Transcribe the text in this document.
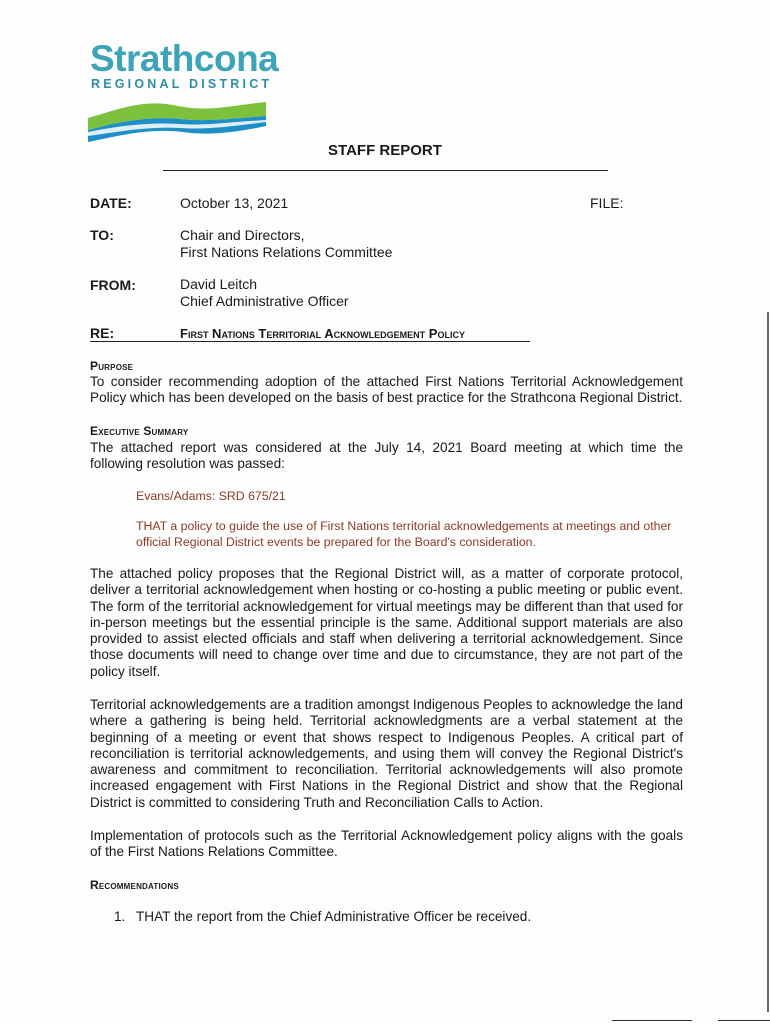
Strathcona
REGIONAL DISTRICT
STAFF REPORT
DATE:	October 13, 2021	FILE:
TO:	Chair and Directors,
First Nations Relations Committee
FROM:	David Leitch
Chief Administrative Officer
RE:	First Nations Territorial Acknowledgement Policy
Purpose
To consider recommending adoption of the attached First Nations Territorial Acknowledgement Policy which has been developed on the basis of best practice for the Strathcona Regional District.
Executive Summary
The attached report was considered at the July 14, 2021 Board meeting at which time the following resolution was passed:
Evans/Adams: SRD 675/21
THAT a policy to guide the use of First Nations territorial acknowledgements at meetings and other official Regional District events be prepared for the Board's consideration.
The attached policy proposes that the Regional District will, as a matter of corporate protocol, deliver a territorial acknowledgement when hosting or co-hosting a public meeting or public event. The form of the territorial acknowledgement for virtual meetings may be different than that used for in-person meetings but the essential principle is the same. Additional support materials are also provided to assist elected officials and staff when delivering a territorial acknowledgement. Since those documents will need to change over time and due to circumstance, they are not part of the policy itself.
Territorial acknowledgements are a tradition amongst Indigenous Peoples to acknowledge the land where a gathering is being held. Territorial acknowledgments are a verbal statement at the beginning of a meeting or event that shows respect to Indigenous Peoples. A critical part of reconciliation is territorial acknowledgements, and using them will convey the Regional District's awareness and commitment to reconciliation. Territorial acknowledgements will also promote increased engagement with First Nations in the Regional District and show that the Regional District is committed to considering Truth and Reconciliation Calls to Action.
Implementation of protocols such as the Territorial Acknowledgement policy aligns with the goals of the First Nations Relations Committee.
Recommendations
1. THAT the report from the Chief Administrative Officer be received.
